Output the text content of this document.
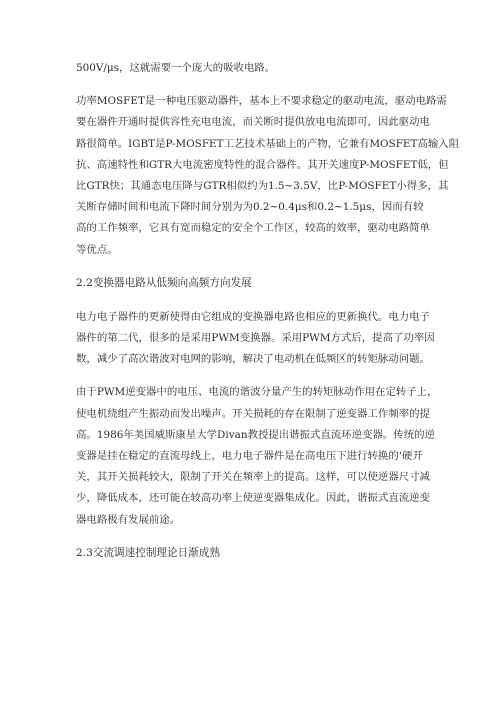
500V/μs，这就需要一个庞大的吸收电路。
功率MOSFET是一种电压驱动器件，基本上不要求稳定的驱动电流，驱动电路需
要在器件开通时提供容性充电电流，而关断时提供放电电流即可，因此驱动电
路很简单。IGBT是P-MOSFET工艺技术基础上的产物，它兼有MOSFET高输入阻
抗、高速特性和GTR大电流密度特性的混合器件。其开关速度P-MOSFET低，但
比GTR快；其通态电压降与GTR相似约为1.5~3.5V，比P-MOSFET小得多，其
关断存储时间和电流下降时间分别为为0.2~0.4μs和0.2~1.5μs，因而有较
高的工作频率，它具有宽而稳定的安全个工作区，较高的效率，驱动电路简单
等优点。
2.2变换器电路从低频向高频方向发展
电力电子器件的更新使得由它组成的变换器电路也相应的更新换代。电力电子
器件的第二代，很多的是采用PWM变换器。采用PWM方式后，提高了功率因
数，减少了高次谐波对电网的影响，解决了电动机在低频区的转矩脉动问题。
由于PWM逆变器中的电压、电流的谐波分量产生的转矩脉动作用在定转子上，
使电机绕组产生振动而发出噪声。开关损耗的存在限制了逆变器工作频率的提
高。1986年美国威斯康星大学Divan教授提出谐振式直流环逆变器。传统的逆
变器是挂在稳定的直流母线上，电力电子器件是在高电压下进行转换的‘硬开
关，其开关损耗较大，限制了开关在频率上的提高。这样，可以使逆器尺寸减
少，降低成本，还可能在较高功率上使逆变器集成化。因此，谐振式直流逆变
器电路极有发展前途。
2.3交流调速控制理论日渐成熟
